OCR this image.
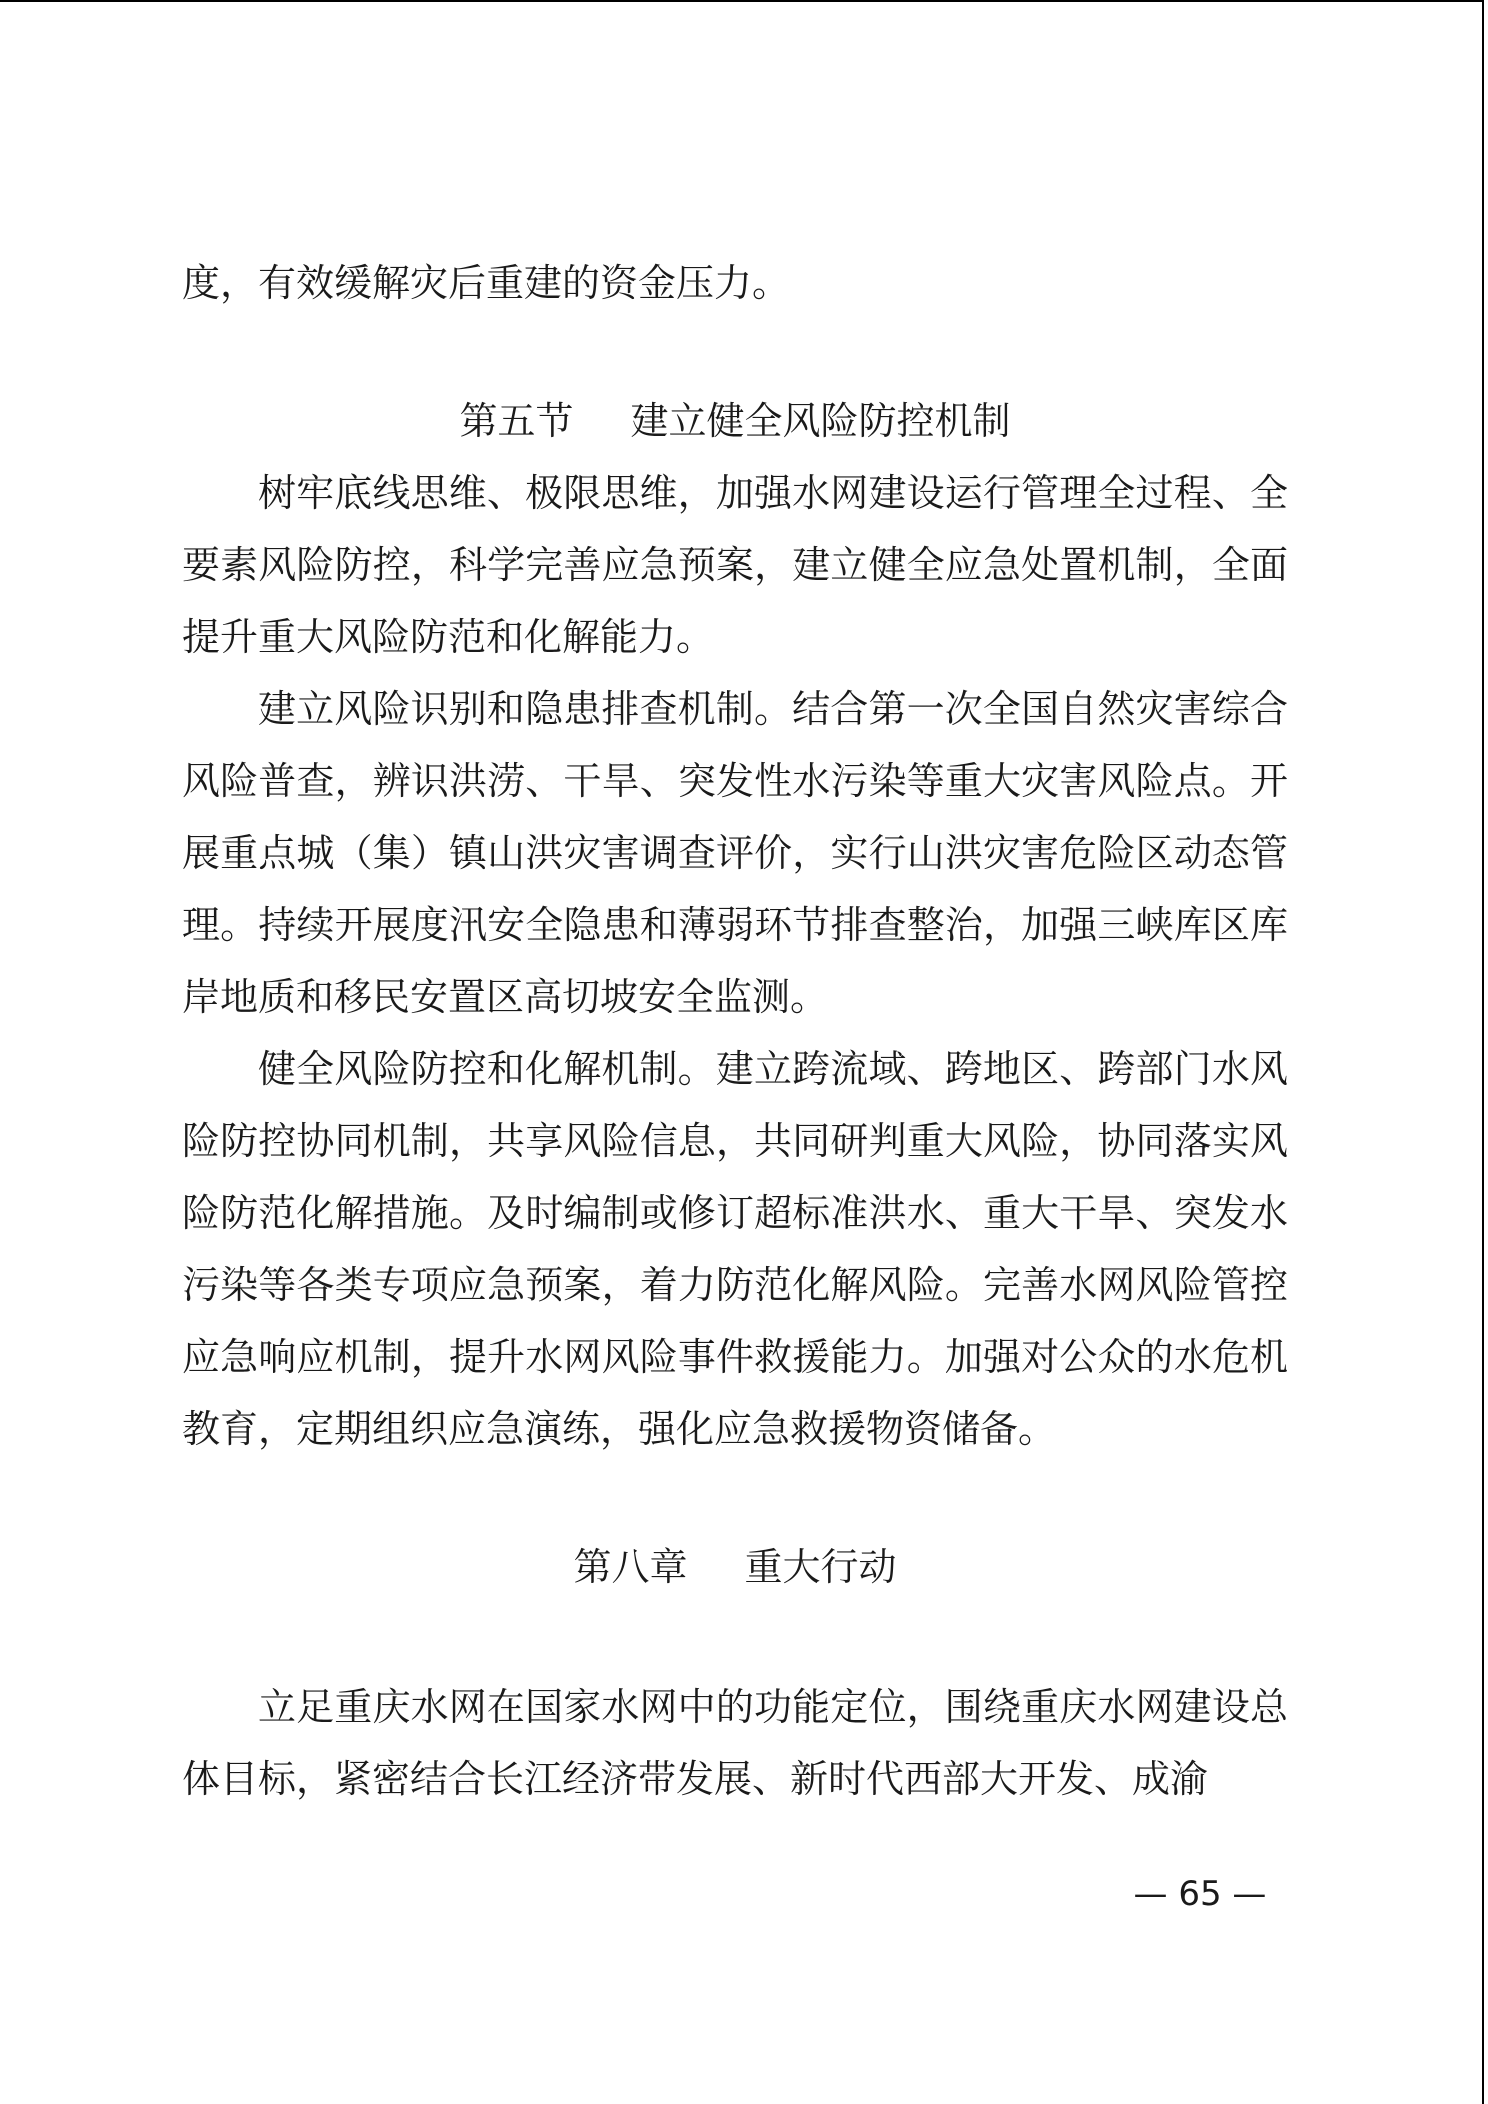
度，有效缓解灾后重建的资金压力。

第五节 建立健全风险防控机制

树牢底线思维、极限思维，加强水网建设运行管理全过程、全要素风险防控，科学完善应急预案，建立健全应急处置机制，全面提升重大风险防范和化解能力。

建立风险识别和隐患排查机制。结合第一次全国自然灾害综合风险普查，辨识洪涝、干旱、突发性水污染等重大灾害风险点。开展重点城（集）镇山洪灾害调查评价，实行山洪灾害危险区动态管理。持续开展度汛安全隐患和薄弱环节排查整治，加强三峡库区库岸地质和移民安置区高切坡安全监测。

健全风险防控和化解机制。建立跨流域、跨地区、跨部门水风险防控协同机制，共享风险信息，共同研判重大风险，协同落实风险防范化解措施。及时编制或修订超标准洪水、重大干旱、突发水污染等各类专项应急预案，着力防范化解风险。完善水网风险管控应急响应机制，提升水网风险事件救援能力。加强对公众的水危机教育，定期组织应急演练，强化应急救援物资储备。

第八章 重大行动

立足重庆水网在国家水网中的功能定位，围绕重庆水网建设总体目标，紧密结合长江经济带发展、新时代西部大开发、成渝

— 65 —
